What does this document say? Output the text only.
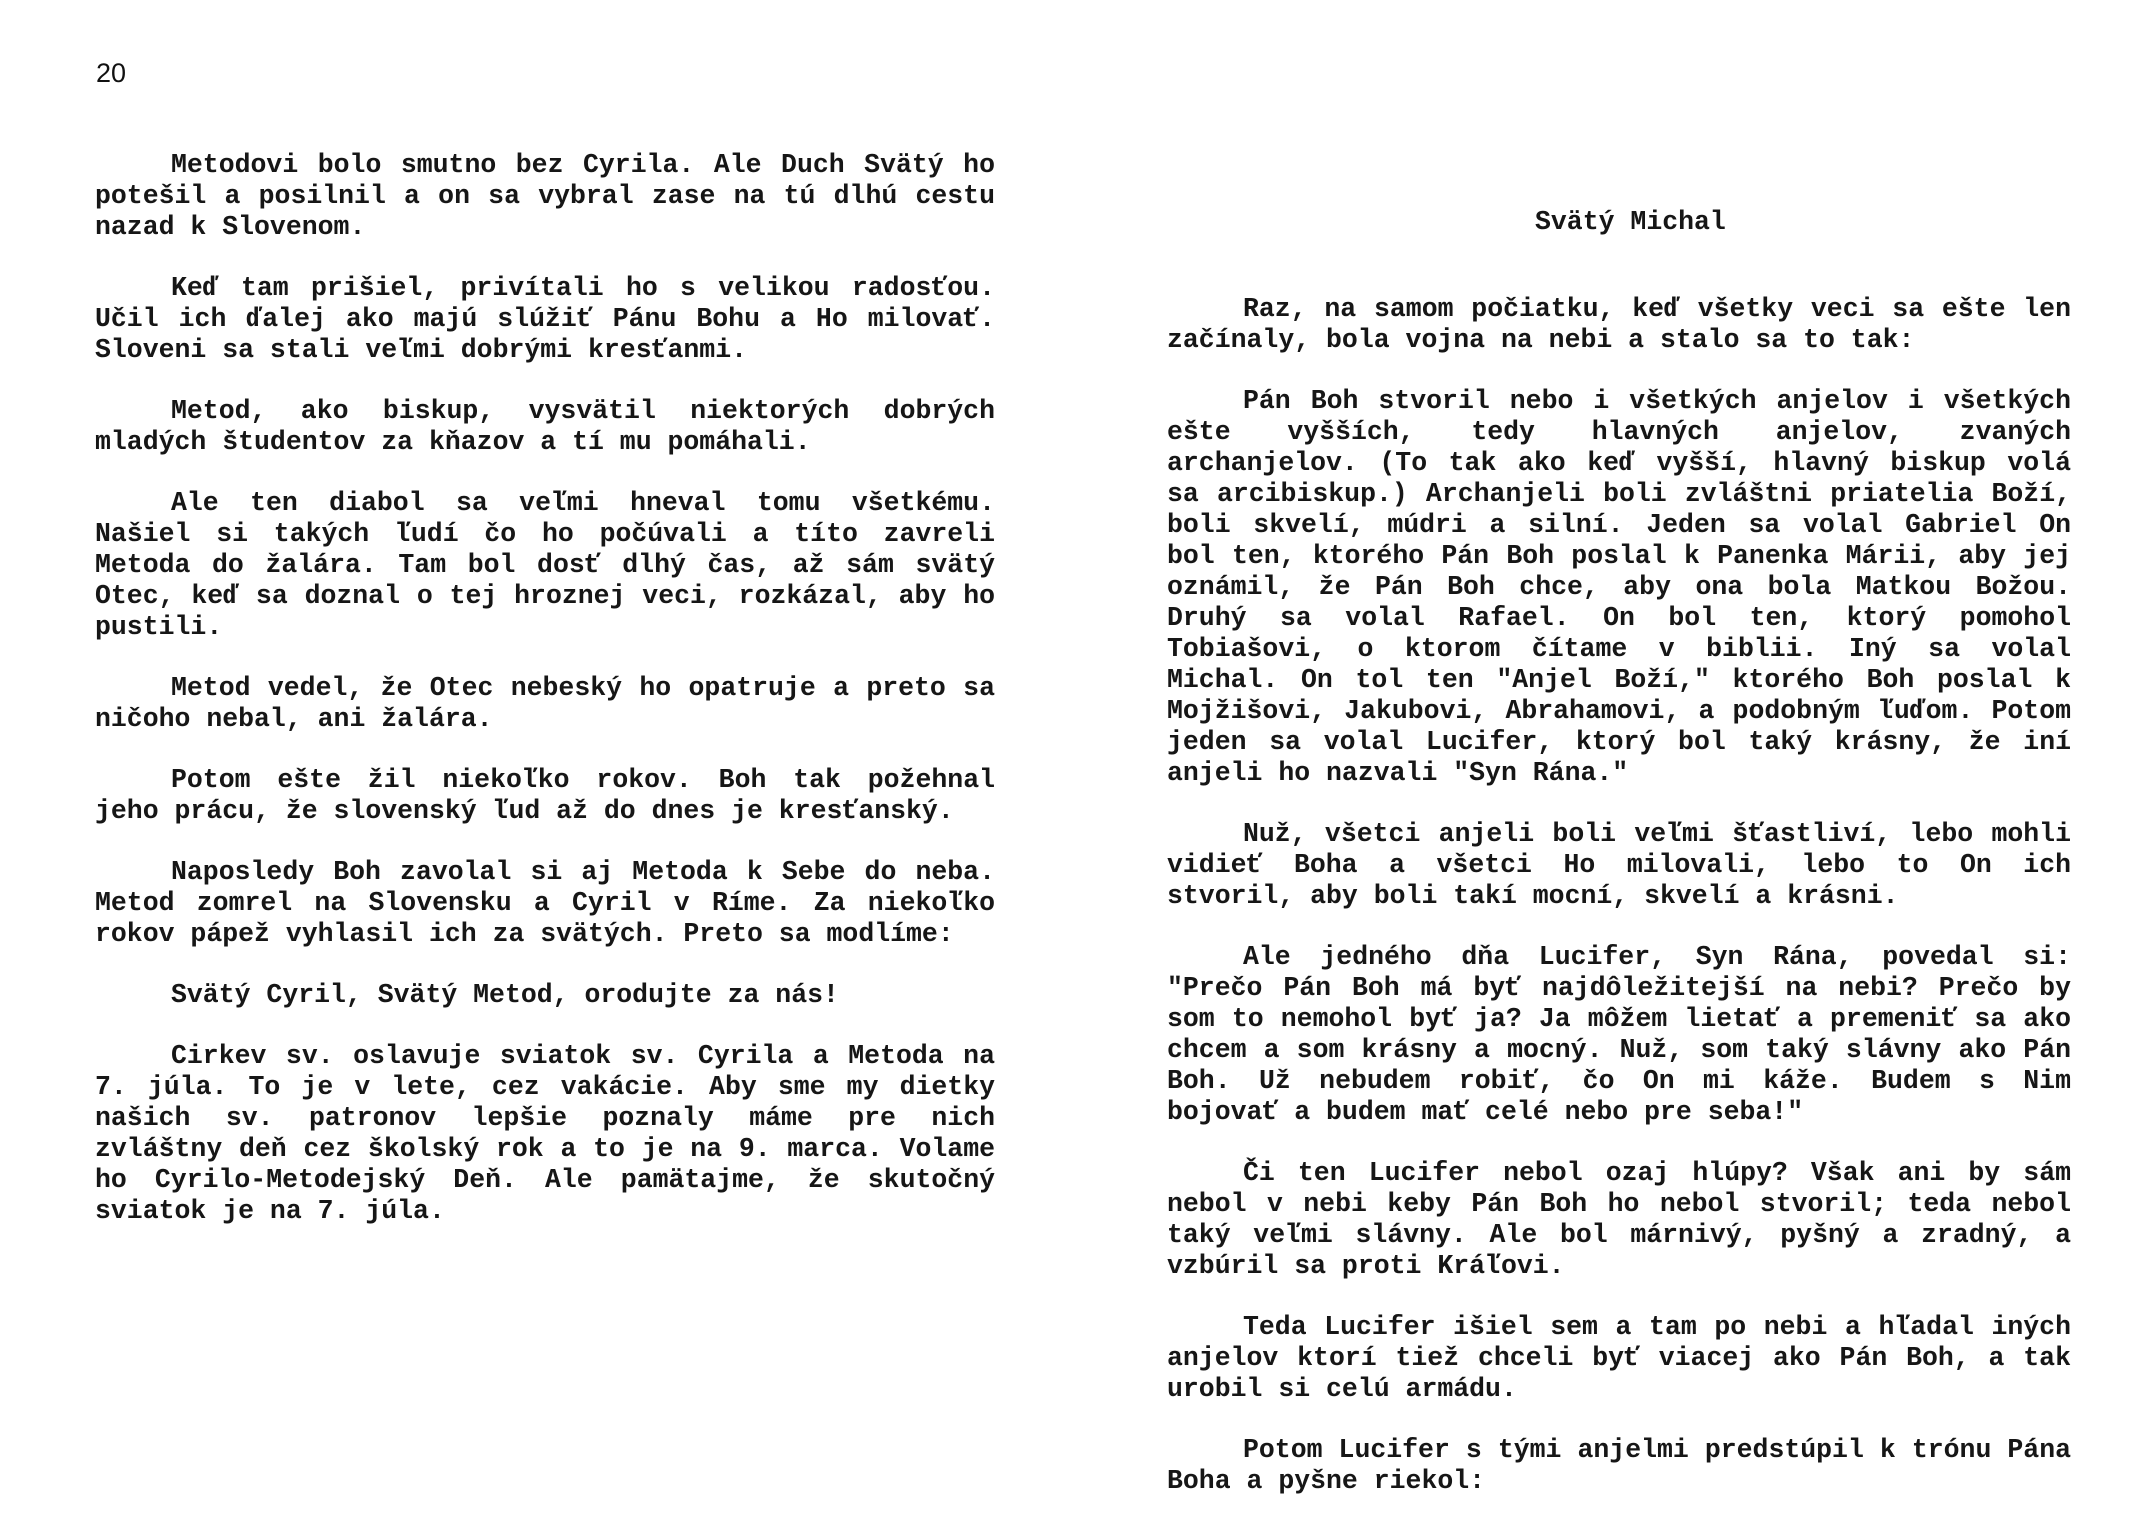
20

Metodovi bolo smutno bez Cyrila. Ale Duch Svätý ho potešil a posilnil a on sa vybral zase na tú dlhú cestu nazad k Slovenom.

Keď tam prišiel, privítali ho s velikou radosťou. Učil ich ďalej ako majú slúžiť Pánu Bohu a Ho milovať. Sloveni sa stali veľmi dobrými kresťanmi.

Metod, ako biskup, vysvätil niektorých dobrých mladých študentov za kňazov a tí mu pomáhali.

Ale ten diabol sa veľmi hneval tomu všetkému. Našiel si takých ľudí čo ho počúvali a títo zavreli Metoda do žalára. Tam bol dosť dlhý čas, až sám svätý Otec, keď sa doznal o tej hroznej veci, rozkázal, aby ho pustili.

Metod vedel, že Otec nebeský ho opatruje a preto sa ničoho nebal, ani žalára.

Potom ešte žil niekoľko rokov. Boh tak požehnal jeho prácu, že slovenský ľud až do dnes je kresťanský.

Naposledy Boh zavolal si aj Metoda k Sebe do neba. Metod zomrel na Slovensku a Cyril v Ríme. Za niekoľko rokov pápež vyhlasil ich za svätých. Preto sa modlíme:

Svätý Cyril, Svätý Metod, orodujte za nás!

Cirkev sv. oslavuje sviatok sv. Cyrila a Metoda na 7. júla. To je v lete, cez vakácie. Aby sme my dietky našich sv. patronov lepšie poznaly máme pre nich zvláštny deň cez školský rok a to je na 9. marca. Volame ho Cyrilo-Metodejský Deň. Ale pamätajme, že skutočný sviatok je na 7. júla.

Svätý Michal

Raz, na samom počiatku, keď všetky veci sa ešte len začínaly, bola vojna na nebi a stalo sa to tak:

Pán Boh stvoril nebo i všetkých anjelov i všetkých ešte vyšších, tedy hlavných anjelov, zvaných archanjelov. (To tak ako keď vyšší, hlavný biskup volá sa arcibiskup.) Archanjeli boli zvláštni priatelia Boží, boli skvelí, múdri a silní. Jeden sa volal Gabriel On bol ten, ktorého Pán Boh poslal k Panenka Márii, aby jej oznámil, že Pán Boh chce, aby ona bola Matkou Božou. Druhý sa volal Rafael. On bol ten, ktorý pomohol Tobiašovi, o ktorom čítame v biblii. Iný sa volal Michal. On tol ten "Anjel Boží," ktorého Boh poslal k Mojžišovi, Jakubovi, Abrahamovi, a podobným ľuďom. Potom jeden sa volal Lucifer, ktorý bol taký krásny, že iní anjeli ho nazvali "Syn Rána."

Nuž, všetci anjeli boli veľmi šťastliví, lebo mohli vidieť Boha a všetci Ho milovali, lebo to On ich stvoril, aby boli takí mocní, skvelí a krásni.

Ale jedného dňa Lucifer, Syn Rána, povedal si: "Prečo Pán Boh má byť najdôležitejší na nebi? Prečo by som to nemohol byť ja? Ja môžem lietať a premeniť sa ako chcem a som krásny a mocný. Nuž, som taký slávny ako Pán Boh. Už nebudem robiť, čo On mi káže. Budem s Nim bojovať a budem mať celé nebo pre seba!"

Či ten Lucifer nebol ozaj hlúpy? Však ani by sám nebol v nebi keby Pán Boh ho nebol stvoril; teda nebol taký veľmi slávny. Ale bol márnivý, pyšný a zradný, a vzbúril sa proti Kráľovi.

Teda Lucifer išiel sem a tam po nebi a hľadal iných anjelov ktorí tiež chceli byť viacej ako Pán Boh, a tak urobil si celú armádu.

Potom Lucifer s tými anjelmi predstúpil k trónu Pána Boha a pyšne riekol:
